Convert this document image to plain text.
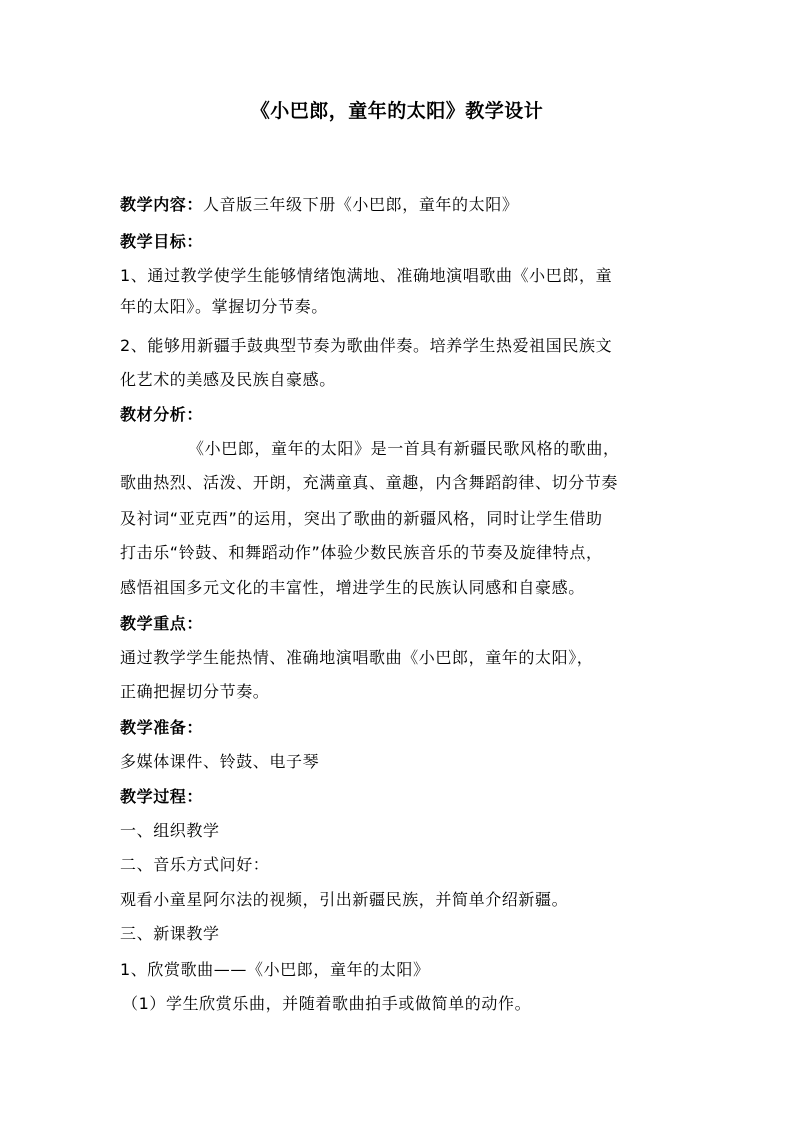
《小巴郎，童年的太阳》教学设计
教学内容：人音版三年级下册《小巴郎，童年的太阳》
教学目标：
1、通过教学使学生能够情绪饱满地、准确地演唱歌曲《小巴郎，童
年的太阳》。掌握切分节奏。
2、能够用新疆手鼓典型节奏为歌曲伴奏。培养学生热爱祖国民族文
化艺术的美感及民族自豪感。
教材分析：
《小巴郎，童年的太阳》是一首具有新疆民歌风格的歌曲，
歌曲热烈、活泼、开朗，充满童真、童趣，内含舞蹈韵律、切分节奏
及衬词“亚克西”的运用，突出了歌曲的新疆风格，同时让学生借助
打击乐“铃鼓、和舞蹈动作”体验少数民族音乐的节奏及旋律特点，
感悟祖国多元文化的丰富性，增进学生的民族认同感和自豪感。
教学重点：
通过教学学生能热情、准确地演唱歌曲《小巴郎，童年的太阳》，
正确把握切分节奏。
教学准备：
多媒体课件、铃鼓、电子琴
教学过程：
一、组织教学
二、音乐方式问好：
观看小童星阿尔法的视频，引出新疆民族，并简单介绍新疆。
三、新课教学
1、欣赏歌曲——《小巴郎，童年的太阳》
（1）学生欣赏乐曲，并随着歌曲拍手或做简单的动作。
